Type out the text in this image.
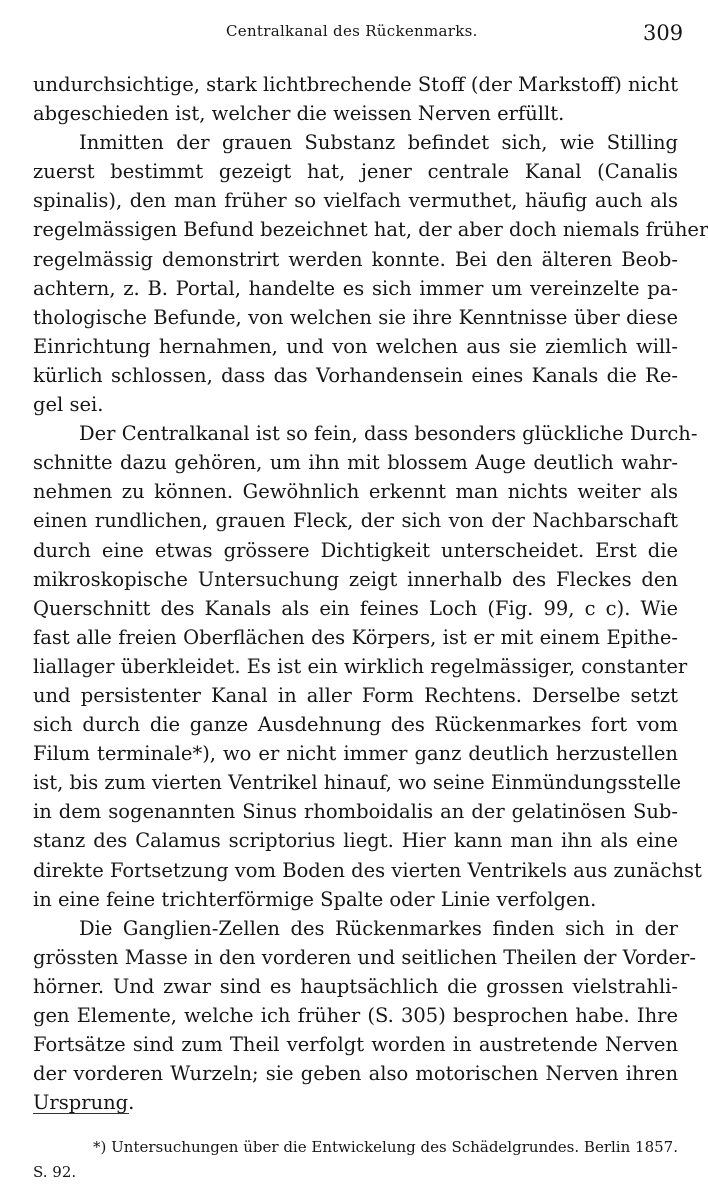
Centralkanal des Rückenmarks.	309
undurchsichtige, stark lichtbrechende Stoff (der Markstoff) nicht
abgeschieden ist, welcher die weissen Nerven erfüllt.
Inmitten der grauen Substanz befindet sich, wie Stilling
zuerst bestimmt gezeigt hat, jener centrale Kanal (Canalis
spinalis), den man früher so vielfach vermuthet, häufig auch als
regelmässigen Befund bezeichnet hat, der aber doch niemals früher
regelmässig demonstrirt werden konnte. Bei den älteren Beob-
achtern, z. B. Portal, handelte es sich immer um vereinzelte pa-
thologische Befunde, von welchen sie ihre Kenntnisse über diese
Einrichtung hernahmen, und von welchen aus sie ziemlich will-
kürlich schlossen, dass das Vorhandensein eines Kanals die Re-
gel sei.
Der Centralkanal ist so fein, dass besonders glückliche Durch-
schnitte dazu gehören, um ihn mit blossem Auge deutlich wahr-
nehmen zu können. Gewöhnlich erkennt man nichts weiter als
einen rundlichen, grauen Fleck, der sich von der Nachbarschaft
durch eine etwas grössere Dichtigkeit unterscheidet. Erst die
mikroskopische Untersuchung zeigt innerhalb des Fleckes den
Querschnitt des Kanals als ein feines Loch (Fig. 99, c c). Wie
fast alle freien Oberflächen des Körpers, ist er mit einem Epithe-
liallager überkleidet. Es ist ein wirklich regelmässiger, constanter
und persistenter Kanal in aller Form Rechtens. Derselbe setzt
sich durch die ganze Ausdehnung des Rückenmarkes fort vom
Filum terminale*), wo er nicht immer ganz deutlich herzustellen
ist, bis zum vierten Ventrikel hinauf, wo seine Einmündungsstelle
in dem sogenannten Sinus rhomboidalis an der gelatinösen Sub-
stanz des Calamus scriptorius liegt. Hier kann man ihn als eine
direkte Fortsetzung vom Boden des vierten Ventrikels aus zunächst
in eine feine trichterförmige Spalte oder Linie verfolgen.
Die Ganglien-Zellen des Rückenmarkes finden sich in der
grössten Masse in den vorderen und seitlichen Theilen der Vorder-
hörner. Und zwar sind es hauptsächlich die grossen vielstrahli-
gen Elemente, welche ich früher (S. 305) besprochen habe. Ihre
Fortsätze sind zum Theil verfolgt worden in austretende Nerven
der vorderen Wurzeln; sie geben also motorischen Nerven ihren
Ursprung.
*) Untersuchungen über die Entwickelung des Schädelgrundes. Berlin 1857.
S. 92.
